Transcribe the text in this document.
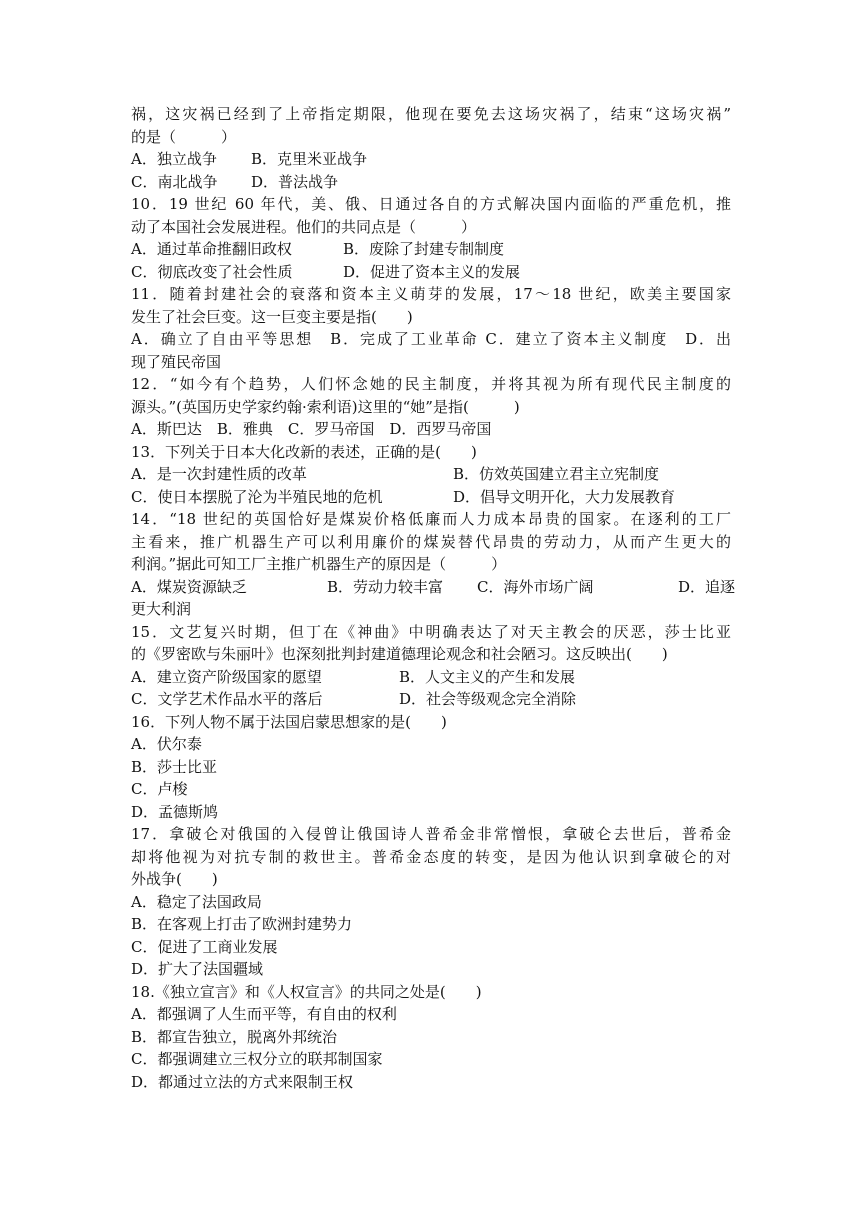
祸，这灾祸已经到了上帝指定期限，他现在要免去这场灾祸了，结束“这场灾祸”
的是（　　　）
A．独立战争 B．克里米亚战争
C．南北战争 D．普法战争
10．19 世纪 60 年代，美、俄、日通过各自的方式解决国内面临的严重危机，推
动了本国社会发展进程。他们的共同点是（　　　）
A．通过革命推翻旧政权	B．废除了封建专制制度
C．彻底改变了社会性质	D．促进了资本主义的发展
11．随着封建社会的衰落和资本主义萌芽的发展，17～18 世纪，欧美主要国家
发生了社会巨变。这一巨变主要是指(　　)
A．确立了自由平等思想　B．完成了工业革命 C．建立了资本主义制度　D．出
现了殖民帝国
12．“如今有个趋势，人们怀念她的民主制度，并将其视为所有现代民主制度的
源头。”(英国历史学家约翰·索利语)这里的“她”是指(　　　)
A．斯巴达　B．雅典　C．罗马帝国　D．西罗马帝国
13．下列关于日本大化改新的表述，正确的是(　　)
A．是一次封建性质的改革	B．仿效英国建立君主立宪制度
C．使日本摆脱了沦为半殖民地的危机	D．倡导文明开化，大力发展教育
14．“18 世纪的英国恰好是煤炭价格低廉而人力成本昂贵的国家。在逐利的工厂
主看来，推广机器生产可以利用廉价的煤炭替代昂贵的劳动力，从而产生更大的
利润。”据此可知工厂主推广机器生产的原因是（　　　）
A．煤炭资源缺乏	B．劳动力较丰富 C．海外市场广阔	D．追逐
更大利润
15．文艺复兴时期，但丁在《神曲》中明确表达了对天主教会的厌恶，莎士比亚
的《罗密欧与朱丽叶》也深刻批判封建道德理论观念和社会陋习。这反映出(　　)
A．建立资产阶级国家的愿望	B．人文主义的产生和发展
C．文学艺术作品水平的落后	D．社会等级观念完全消除
16．下列人物不属于法国启蒙思想家的是(　　)
A．伏尔泰
B．莎士比亚
C．卢梭
D．孟德斯鸠
17．拿破仑对俄国的入侵曾让俄国诗人普希金非常憎恨，拿破仑去世后，普希金
却将他视为对抗专制的救世主。普希金态度的转变，是因为他认识到拿破仑的对
外战争(　　)
A．稳定了法国政局
B．在客观上打击了欧洲封建势力
C．促进了工商业发展
D．扩大了法国疆域
18.《独立宣言》和《人权宣言》的共同之处是(　　)
A．都强调了人生而平等，有自由的权利
B．都宣告独立，脱离外邦统治
C．都强调建立三权分立的联邦制国家
D．都通过立法的方式来限制王权
